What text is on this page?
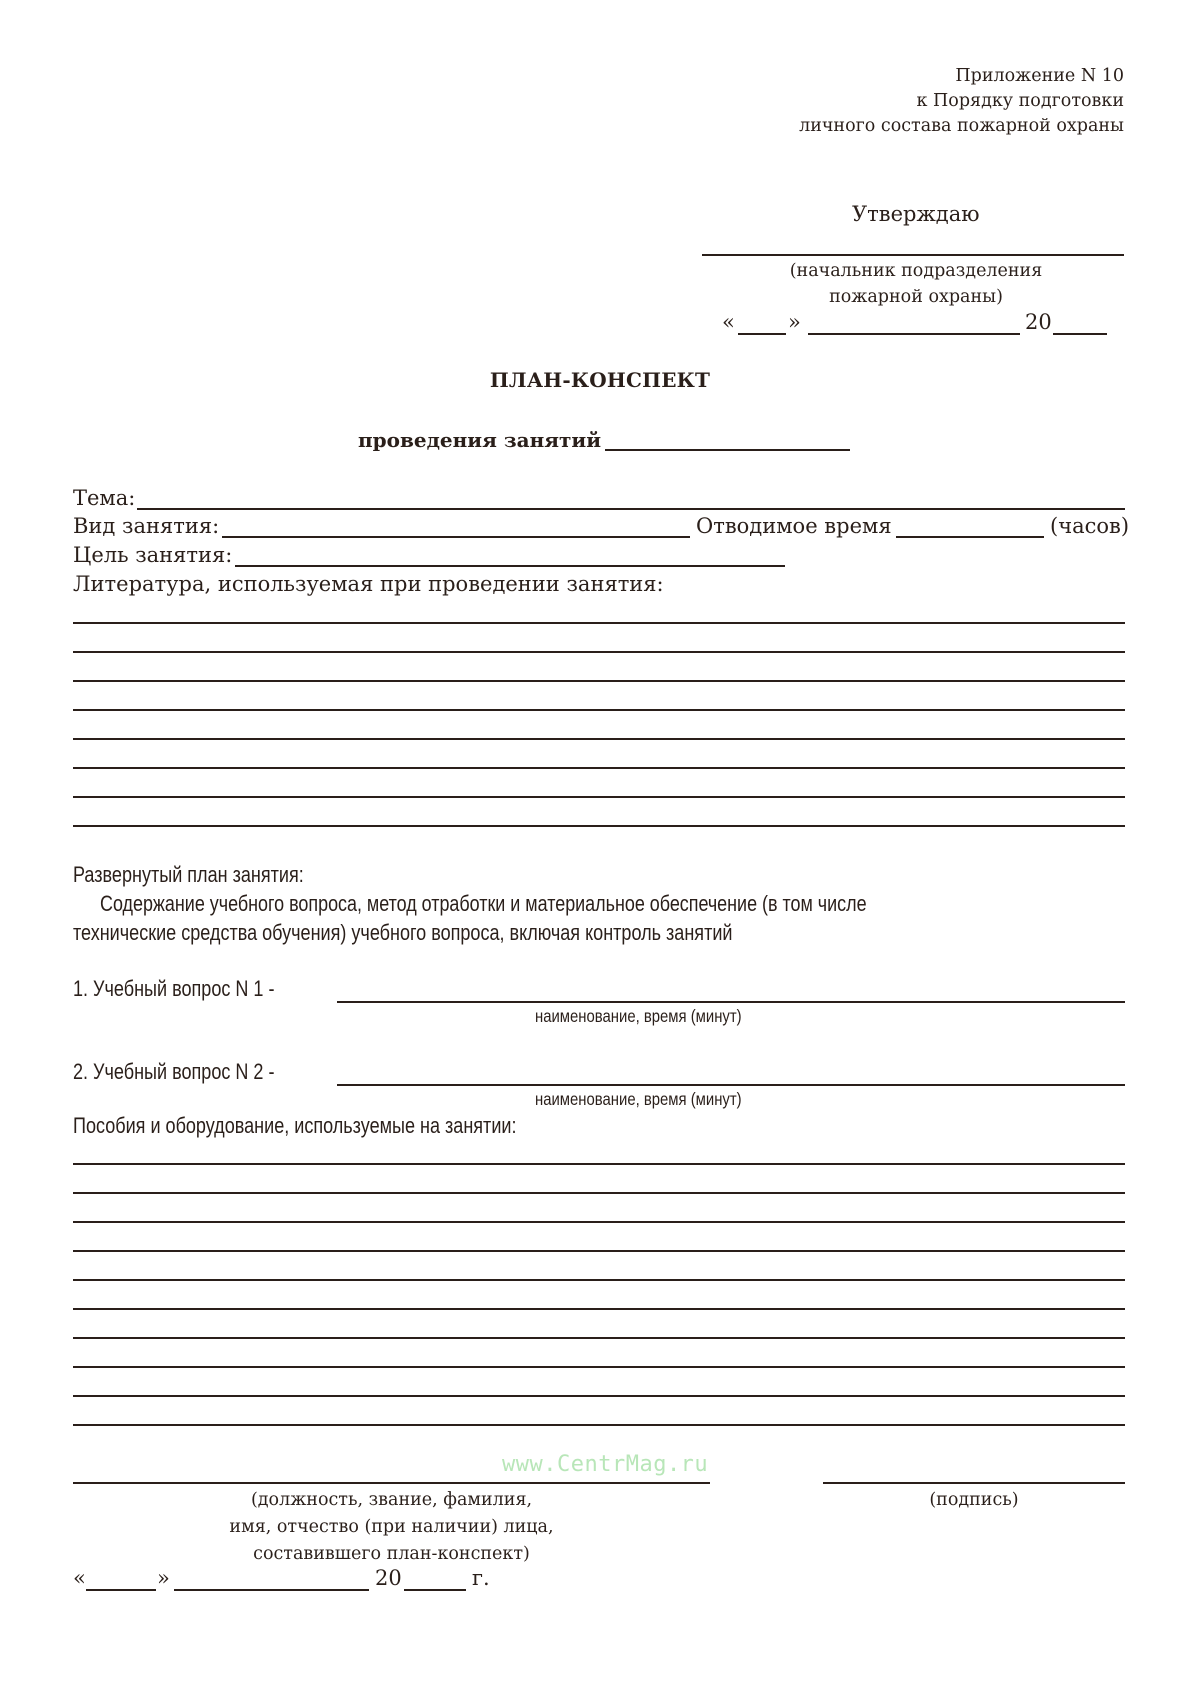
Приложение N 10
к Порядку подготовки
личного состава пожарной охраны
Утверждаю
(начальник подразделения
пожарной охраны)
«	»	20
ПЛАН-КОНСПЕКТ
проведения занятий
Тема:
Вид занятия:	Отводимое время	(часов)
Цель занятия:
Литература, используемая при проведении занятия:
Развернутый план занятия:
Содержание учебного вопроса, метод отработки и материальное обеспечение (в том числе
технические средства обучения) учебного вопроса, включая контроль занятий
1. Учебный вопрос N 1 -
наименование, время (минут)
2. Учебный вопрос N 2 -
наименование, время (минут)
Пособия и оборудование, используемые на занятии:
www.CentrMag.ru
(должность, звание, фамилия,
имя, отчество (при наличии) лица,
составившего план-конспект)
(подпись)
«	»	20	г.
